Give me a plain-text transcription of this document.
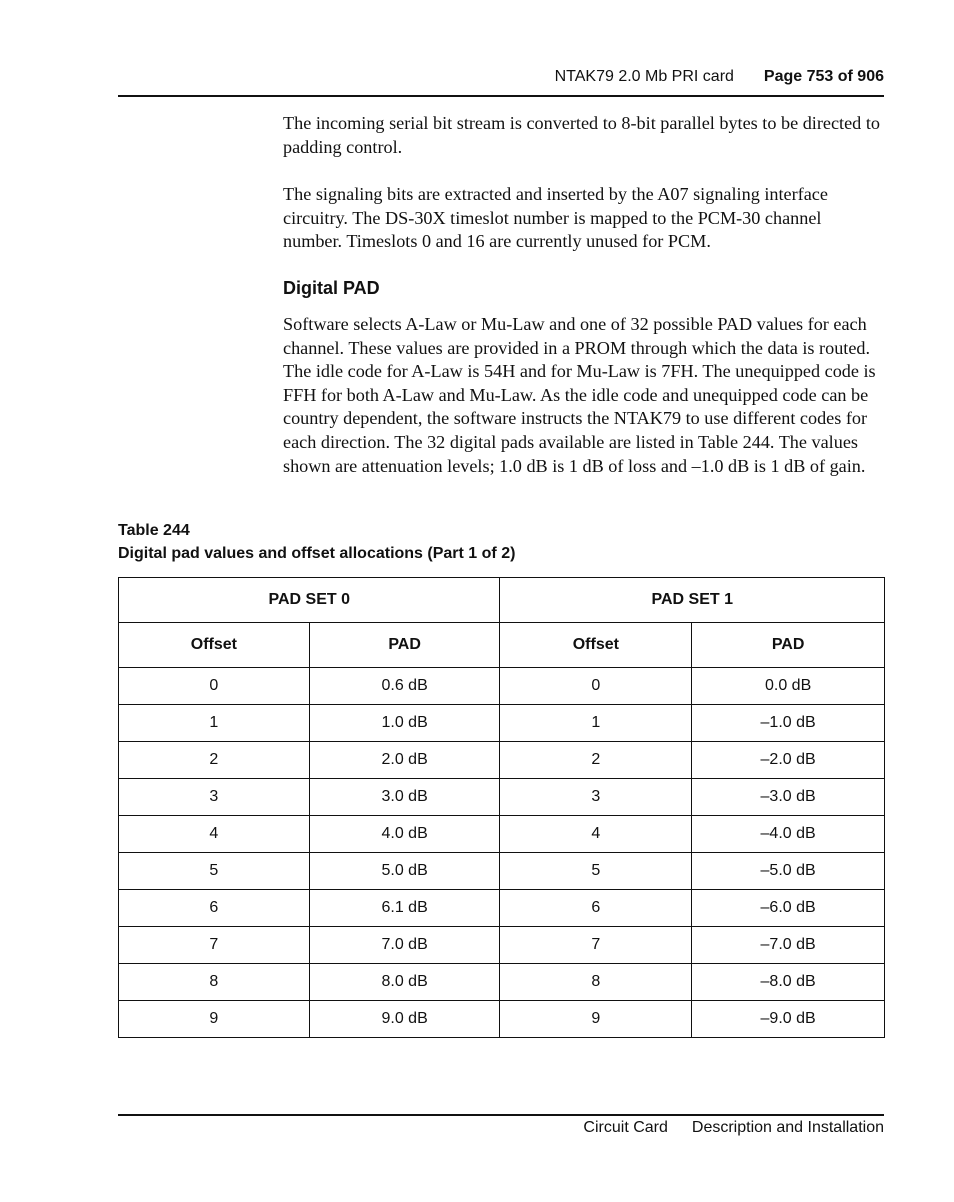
NTAK79 2.0 Mb PRI card Page 753 of 906

The incoming serial bit stream is converted to 8-bit parallel bytes to be directed to padding control.

The signaling bits are extracted and inserted by the A07 signaling interface circuitry. The DS-30X timeslot number is mapped to the PCM-30 channel number. Timeslots 0 and 16 are currently unused for PCM.

Digital PAD

Software selects A-Law or Mu-Law and one of 32 possible PAD values for each channel. These values are provided in a PROM through which the data is routed. The idle code for A-Law is 54H and for Mu-Law is 7FH. The unequipped code is FFH for both A-Law and Mu-Law. As the idle code and unequipped code can be country dependent, the software instructs the NTAK79 to use different codes for each direction. The 32 digital pads available are listed in Table 244. The values shown are attenuation levels; 1.0 dB is 1 dB of loss and –1.0 dB is 1 dB of gain.

Table 244
Digital pad values and offset allocations (Part 1 of 2)
PAD SET 0		PAD SET 1	
Offset	PAD	Offset	PAD
0	0.6 dB	0	0.0 dB
1	1.0 dB	1	–1.0 dB
2	2.0 dB	2	–2.0 dB
3	3.0 dB	3	–3.0 dB
4	4.0 dB	4	–4.0 dB
5	5.0 dB	5	–5.0 dB
6	6.1 dB	6	–6.0 dB
7	7.0 dB	7	–7.0 dB
8	8.0 dB	8	–8.0 dB
9	9.0 dB	9	–9.0 dB
Circuit Card Description and Installation
